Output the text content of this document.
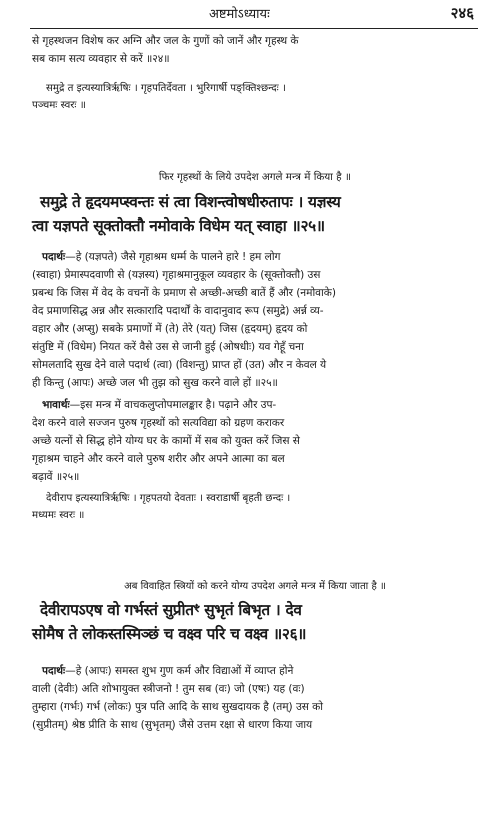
अष्टमोऽध्यायः	२४६
से गृहस्थजन विशेष कर अग्नि और जल के गुणों को जानें और गृहस्थ के
सब काम सत्य व्यवहार से करें ॥२४॥
समुद्रे त इत्यस्यात्रिर्ऋषिः । गृहपतिर्देवता । भुरिगार्षी पङ्क्तिश्छन्दः ।
पञ्चमः स्वरः ॥
फिर गृहस्थों के लिये उपदेश अगले मन्त्र में किया है ॥
समुद्रे ते हृदयमप्स्वन्तः सं त्वा विशन्त्वोषधीरुतापः । यज्ञस्य
त्वा यज्ञपते सूक्तोक्तौ नमोवाके विधेम यत् स्वाहा ॥२५॥
पदार्थः—हे (यज्ञपते) जैसे गृहाश्रम धर्म्म के पालने हारे ! हम लोग
(स्वाहा) प्रेमास्पदवाणी से (यज्ञस्य) गृहाश्रमानुकूल व्यवहार के (सूक्तोक्तौ) उस
प्रबन्ध कि जिस में वेद के वचनों के प्रमाण से अच्छी-अच्छी बातें हैं और (नमोवाके)
वेद प्रमाणसिद्ध अन्न और सत्कारादि पदार्थों के वादानुवाद रूप (समुद्रे) अर्न्न व्य-
वहार और (अप्सु) सबके प्रमाणों में (ते) तेरे (यत्) जिस (हृदयम्) हृदय को
संतुष्टि में (विधेम) नियत करें वैसे उस से जानी हुई (ओषधीः) यव गेहूँ चना
सोमलतादि सुख देने वाले पदार्थ (त्वा) (विशन्तु) प्राप्त हों (उत) और न केवल ये
ही किन्तु (आपः) अच्छे जल भी तुझ को सुख करने वाले हों ॥२५॥
भावार्थः—इस मन्त्र में वाचकलुप्तोपमालङ्कार है। पढ़ाने और उप-
देश करने वाले सज्जन पुरुष गृहस्थों को सत्यविद्या को ग्रहण कराकर
अच्छे यत्नों से सिद्ध होने योग्य घर के कामों में सब को युक्त करें जिस से
गृहाश्रम चाहने और करने वाले पुरुष शरीर और अपने आत्मा का बल
बढ़ावें ॥२५॥
देवीराप इत्यस्यात्रिर्ऋषिः । गृहपतयो देवताः । स्वराडार्षी बृहती छन्दः ।
मध्यमः स्वरः ॥
अब विवाहित स्त्रियों को करने योग्य उपदेश अगले मन्त्र में किया जाता है ॥
देवीरापऽएष वो गर्भस्तं सुप्रीतꣳ सुभृतं बिभृत । देव
सोमैष ते लोकस्तस्मिञ्छं च वक्ष्व परि च वक्ष्व ॥२६॥
पदार्थः—हे (आपः) समस्त शुभ गुण कर्म और विद्याओं में व्याप्त होने
वाली (देवीः) अति शोभायुक्त स्त्रीजनो ! तुम सब (वः) जो (एषः) यह (वः)
तुम्हारा (गर्भः) गर्भ (लोकः) पुत्र पति आदि के साथ सुखदायक है (तम्) उस को
(सुप्रीतम्) श्रेष्ठ प्रीति के साथ (सुभृतम्) जैसे उत्तम रक्षा से धारण किया जाय
